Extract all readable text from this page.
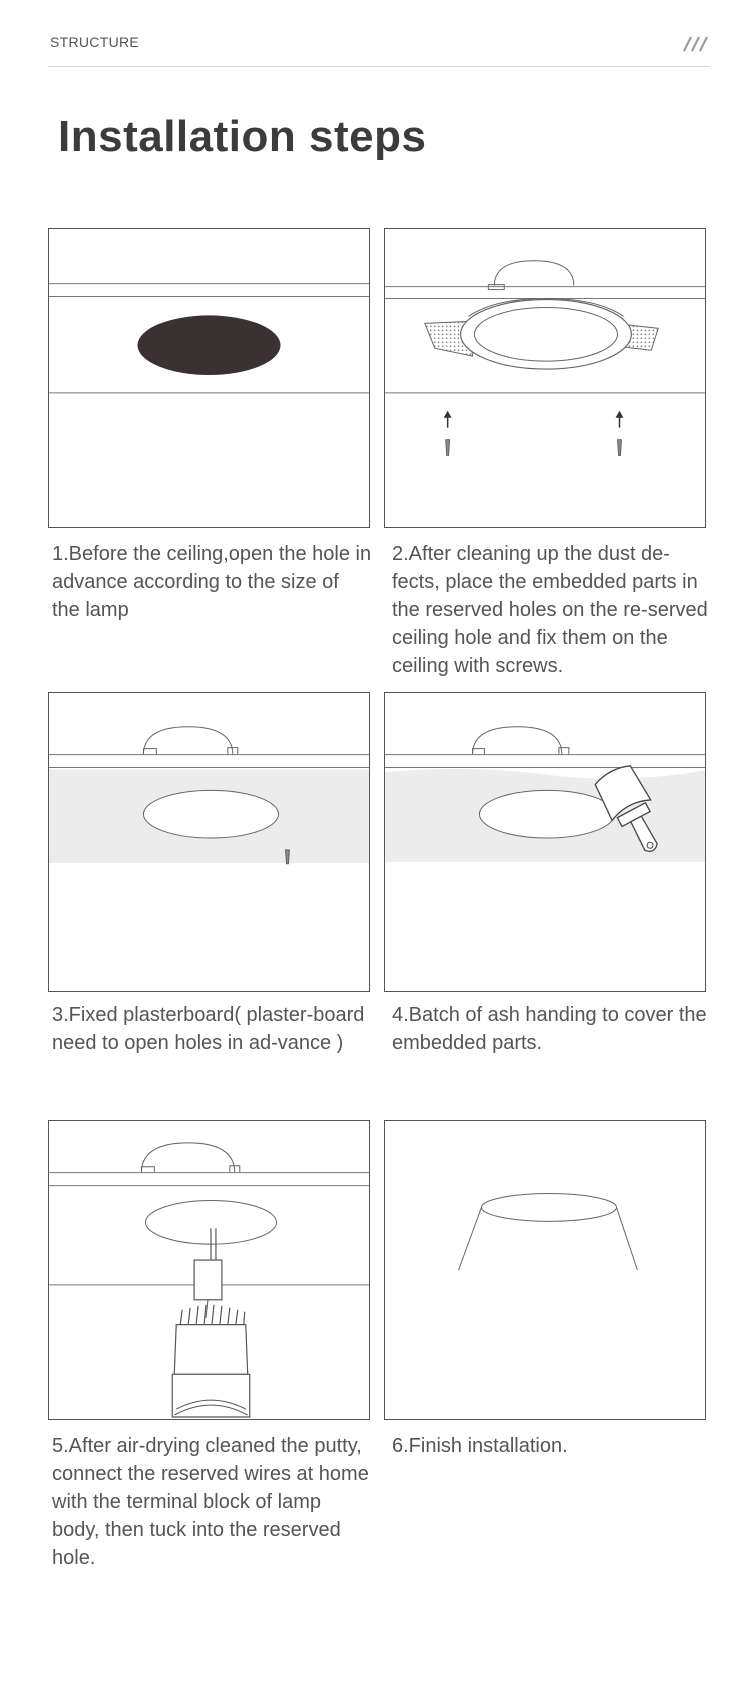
STRUCTURE
Installation steps

1.Before the ceiling,open the hole in advance according to the size of the lamp

2.After cleaning up the dust de-fects, place the embedded parts in the reserved holes on the re-served ceiling hole and fix them on the ceiling with screws.

3.Fixed plasterboard( plaster-board need to open holes in ad-vance )

4.Batch of ash handing to cover the embedded parts.

5.After air-drying cleaned the putty, connect the reserved wires at home with the terminal block of lamp body, then tuck into the reserved hole.

6.Finish installation.
